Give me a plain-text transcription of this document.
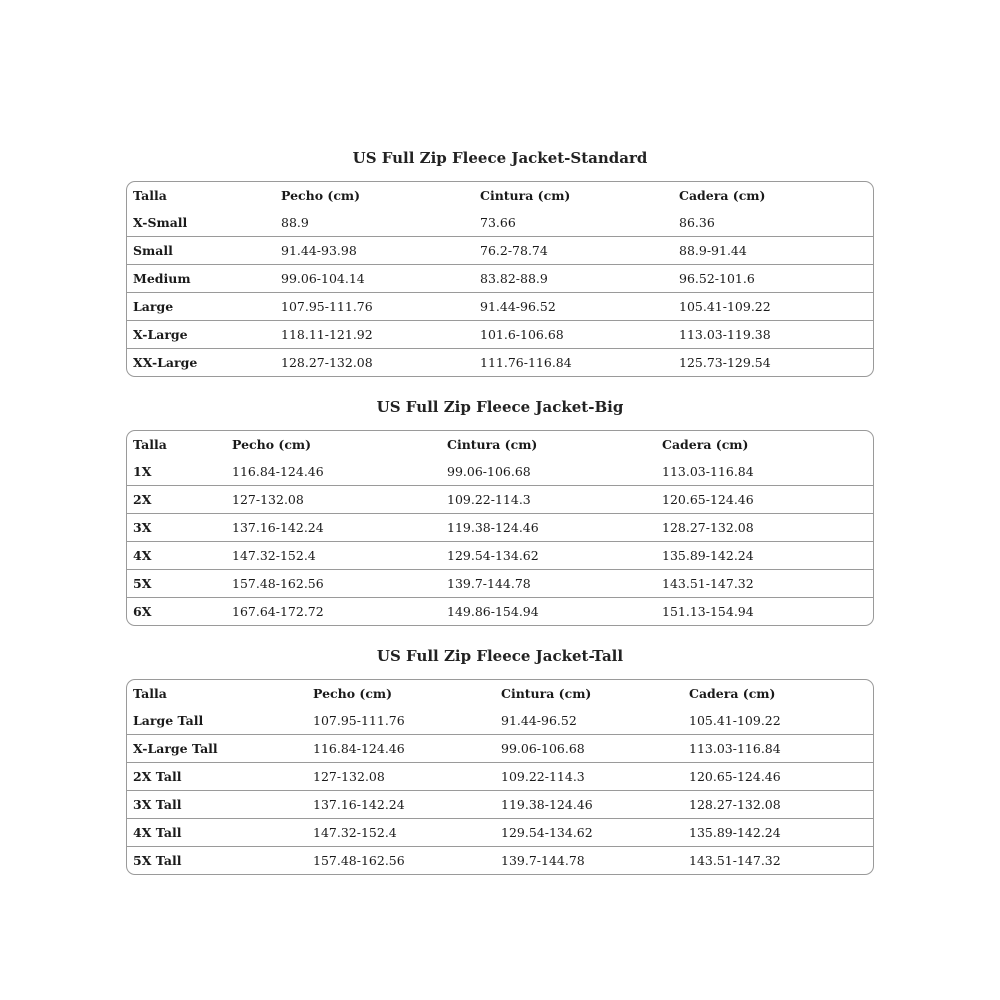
US Full Zip Fleece Jacket-Standard
Talla	Pecho (cm)	Cintura (cm)	Cadera (cm)
X-Small	88.9	73.66	86.36
Small	91.44-93.98	76.2-78.74	88.9-91.44
Medium	99.06-104.14	83.82-88.9	96.52-101.6
Large	107.95-111.76	91.44-96.52	105.41-109.22
X-Large	118.11-121.92	101.6-106.68	113.03-119.38
XX-Large	128.27-132.08	111.76-116.84	125.73-129.54
US Full Zip Fleece Jacket-Big
Talla	Pecho (cm)	Cintura (cm)	Cadera (cm)
1X	116.84-124.46	99.06-106.68	113.03-116.84
2X	127-132.08	109.22-114.3	120.65-124.46
3X	137.16-142.24	119.38-124.46	128.27-132.08
4X	147.32-152.4	129.54-134.62	135.89-142.24
5X	157.48-162.56	139.7-144.78	143.51-147.32
6X	167.64-172.72	149.86-154.94	151.13-154.94
US Full Zip Fleece Jacket-Tall
Talla	Pecho (cm)	Cintura (cm)	Cadera (cm)
Large Tall	107.95-111.76	91.44-96.52	105.41-109.22
X-Large Tall	116.84-124.46	99.06-106.68	113.03-116.84
2X Tall	127-132.08	109.22-114.3	120.65-124.46
3X Tall	137.16-142.24	119.38-124.46	128.27-132.08
4X Tall	147.32-152.4	129.54-134.62	135.89-142.24
5X Tall	157.48-162.56	139.7-144.78	143.51-147.32
